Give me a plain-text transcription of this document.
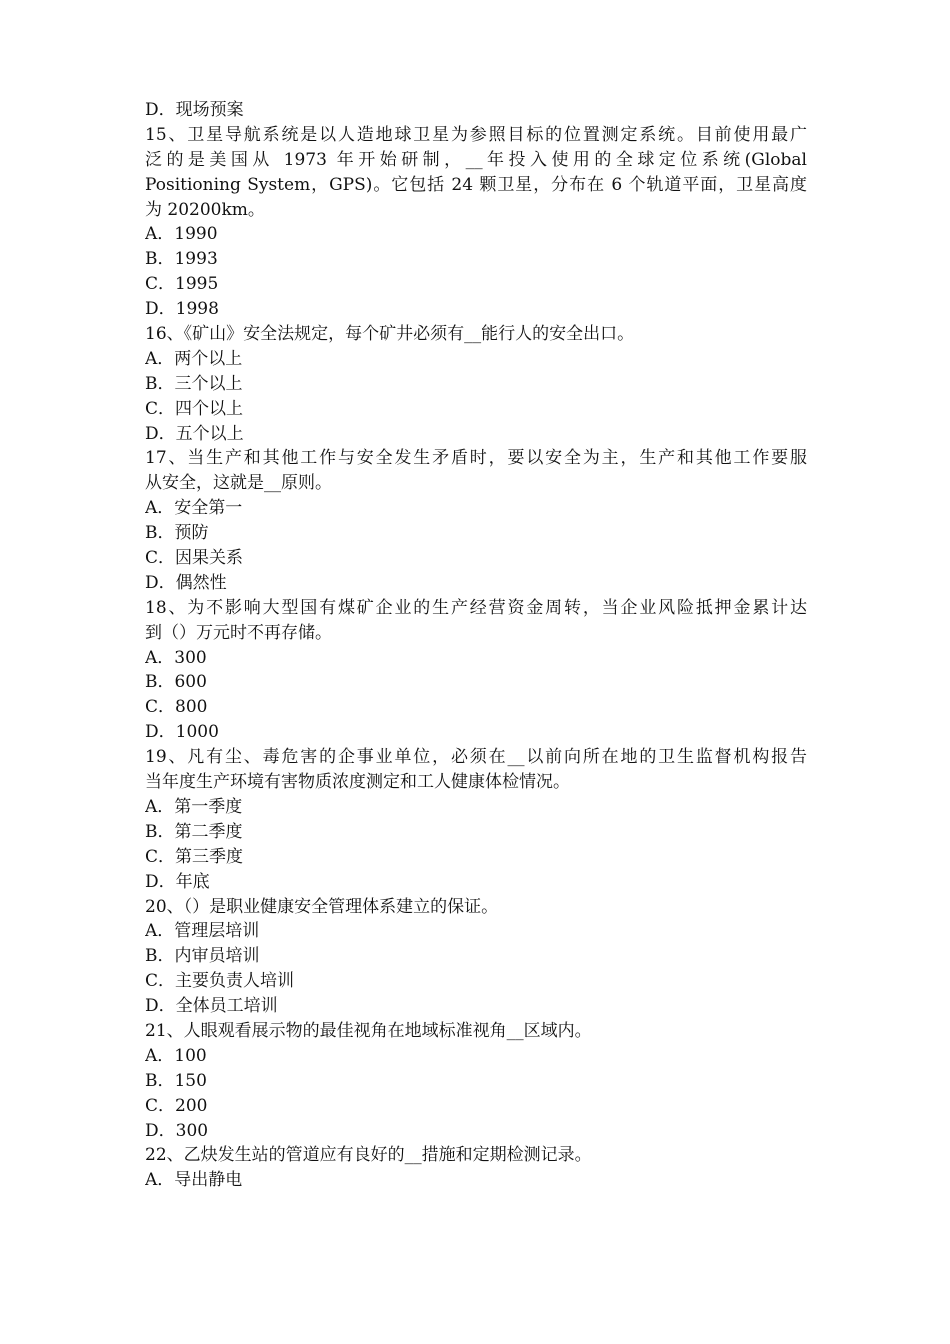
D．现场预案
15、卫星导航系统是以人造地球卫星为参照目标的位置测定系统。目前使用最广
泛的是美国从 1973 年开始研制，__年投入使用的全球定位系统(Global
Positioning System，GPS)。它包括 24 颗卫星，分布在 6 个轨道平面，卫星高度
为 20200km。
A．1990
B．1993
C．1995
D．1998
16、《矿山》安全法规定，每个矿井必须有__能行人的安全出口。
A．两个以上
B．三个以上
C．四个以上
D．五个以上
17、当生产和其他工作与安全发生矛盾时，要以安全为主，生产和其他工作要服
从安全，这就是__原则。
A．安全第一
B．预防
C．因果关系
D．偶然性
18、为不影响大型国有煤矿企业的生产经营资金周转，当企业风险抵押金累计达
到（）万元时不再存储。
A．300
B．600
C．800
D．1000
19、凡有尘、毒危害的企事业单位，必须在__以前向所在地的卫生监督机构报告
当年度生产环境有害物质浓度测定和工人健康体检情况。
A．第一季度
B．第二季度
C．第三季度
D．年底
20、（）是职业健康安全管理体系建立的保证。
A．管理层培训
B．内审员培训
C．主要负责人培训
D．全体员工培训
21、人眼观看展示物的最佳视角在地域标准视角__区域内。
A．100
B．150
C．200
D．300
22、乙炔发生站的管道应有良好的__措施和定期检测记录。
A．导出静电
